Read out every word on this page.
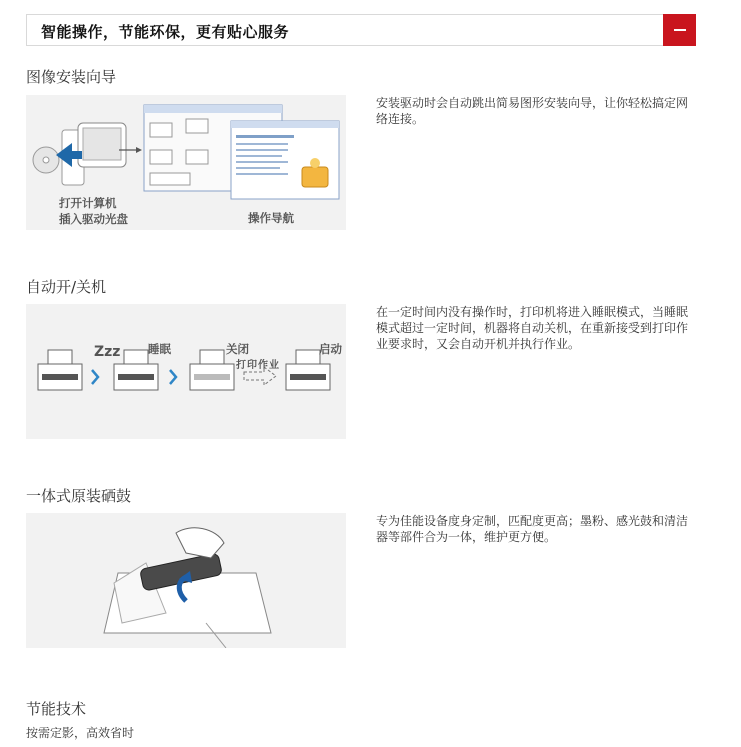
智能操作，节能环保，更有贴心服务
图像安装向导
打开计算机
插入驱动光盘	操作导航
安装驱动时会自动跳出简易图形安装向导，让你轻松搞定网络连接。
自动开/关机
Zzz 睡眠	关闭
打印作业
启动
在一定时间内没有操作时，打印机将进入睡眠模式，当睡眠模式超过一定时间，机器将自动关机，在重新接受到打印作业要求时，又会自动开机并执行作业。
一体式原装硒鼓
专为佳能设备度身定制，匹配度更高；墨粉、感光鼓和清洁器等部件合为一体，维护更方便。
节能技术
按需定影，高效省时
